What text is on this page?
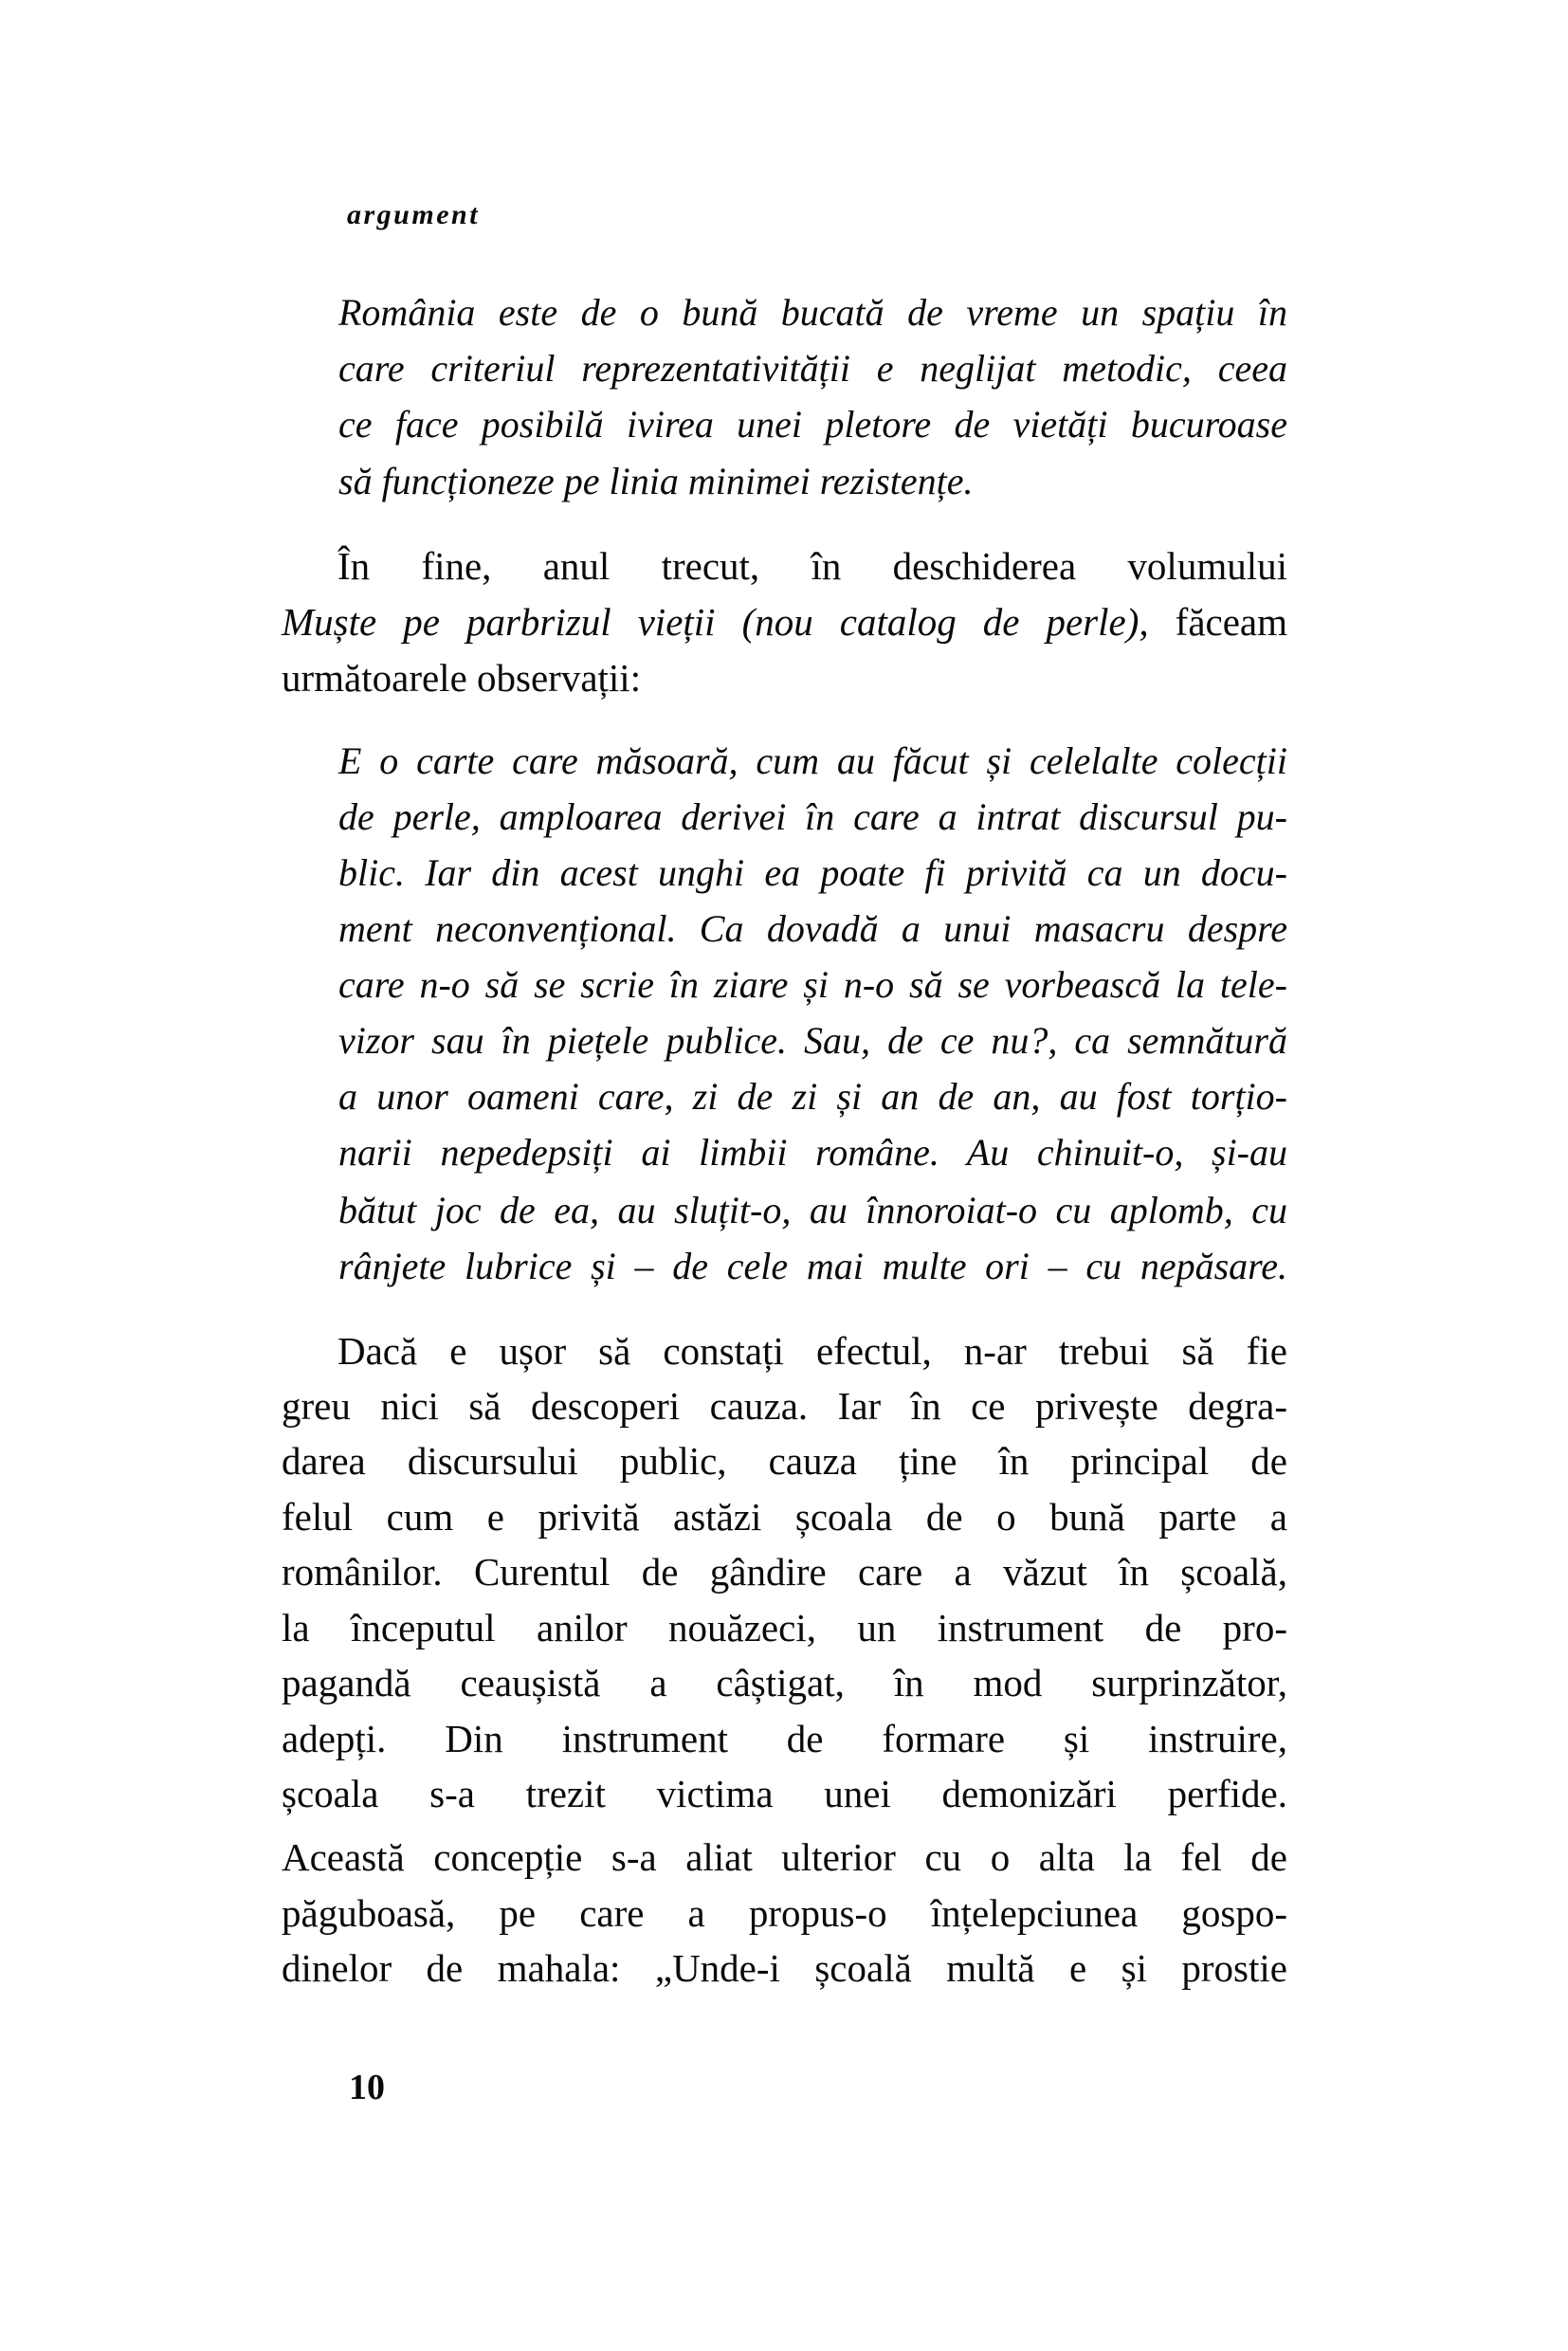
argument
România este de o bună bucată de vreme un spațiu în
care criteriul reprezentativității e neglijat metodic, ceea
ce face posibilă ivirea unei pletore de vietăți bucuroase
să funcționeze pe linia minimei rezistențe.
În fine, anul trecut, în deschiderea volumului
Muște pe parbrizul vieții (nou catalog de perle), făceam
următoarele observații:
E o carte care măsoară, cum au făcut și celelalte colecții
de perle, amploarea derivei în care a intrat discursul pu-
blic. Iar din acest unghi ea poate fi privită ca un docu-
ment neconvențional. Ca dovadă a unui masacru despre
care n-o să se scrie în ziare și n-o să se vorbească la tele-
vizor sau în piețele publice. Sau, de ce nu?, ca semnătură
a unor oameni care, zi de zi și an de an, au fost torțio-
narii nepedepsiți ai limbii române. Au chinuit-o, și-au
bătut joc de ea, au sluțit-o, au înnoroiat-o cu aplomb, cu
rânjete lubrice și – de cele mai multe ori – cu nepăsare.
Dacă e ușor să constați efectul, n-ar trebui să fie
greu nici să descoperi cauza. Iar în ce privește degra-
darea discursului public, cauza ține în principal de
felul cum e privită astăzi școala de o bună parte a
românilor. Curentul de gândire care a văzut în școală,
la începutul anilor nouăzeci, un instrument de pro-
pagandă ceaușistă a câștigat, în mod surprinzător,
adepți. Din instrument de formare și instruire,
școala s-a trezit victima unei demonizări perfide.
Această concepție s-a aliat ulterior cu o alta la fel de
păguboasă, pe care a propus-o înțelepciunea gospo-
dinelor de mahala: „Unde-i școală multă e și prostie
10
